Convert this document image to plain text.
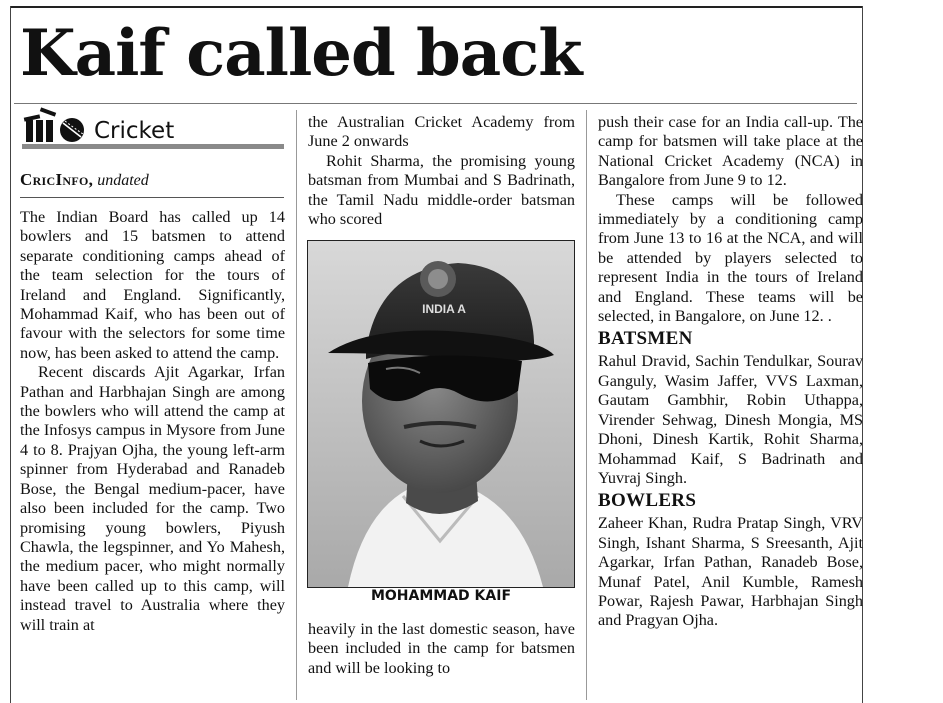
Kaif called back
Cricket
CricInfo, undated

The Indian Board has called up 14 bowlers and 15 batsmen to attend separate conditioning camps ahead of the team selection for the tours of Ireland and England. Significantly, Mohammad Kaif, who has been out of favour with the selectors for some time now, has been asked to attend the camp.

Recent discards Ajit Agarkar, Irfan Pathan and Harbhajan Singh are among the bowlers who will attend the camp at the Infosys campus in Mysore from June 4 to 8. Prajyan Ojha, the young left-arm spinner from Hyderabad and Ranadeb Bose, the Bengal medium-pacer, have also been included for the camp. Two promising young bowlers, Piyush Chawla, the legspinner, and Yo Mahesh, the medium pacer, who might normally have been called up to this camp, will instead travel to Australia where they will train at

the Australian Cricket Academy from June 2 onwards

Rohit Sharma, the promising young batsman from Mumbai and S Badrinath, the Tamil Nadu middle-order batsman who scored

INDIA A
MOHAMMAD KAIF

heavily in the last domestic season, have been included in the camp for batsmen and will be looking to

push their case for an India call-up. The camp for batsmen will take place at the National Cricket Academy (NCA) in Bangalore from June 9 to 12.

These camps will be followed immediately by a conditioning camp from June 13 to 16 at the NCA, and will be attended by players selected to represent India in the tours of Ireland and England. These teams will be selected, in Bangalore, on June 12. .

BATSMEN

Rahul Dravid, Sachin Tendulkar, Sourav Ganguly, Wasim Jaffer, VVS Laxman, Gautam Gambhir, Robin Uthappa, Virender Sehwag, Dinesh Mongia, MS Dhoni, Dinesh Kartik, Rohit Sharma, Mohammad Kaif, S Badrinath and Yuvraj Singh.

BOWLERS

Zaheer Khan, Rudra Pratap Singh, VRV Singh, Ishant Sharma, S Sreesanth, Ajit Agarkar, Irfan Pathan, Ranadeb Bose, Munaf Patel, Anil Kumble, Ramesh Powar, Rajesh Pawar, Harbhajan Singh and Pragyan Ojha.
